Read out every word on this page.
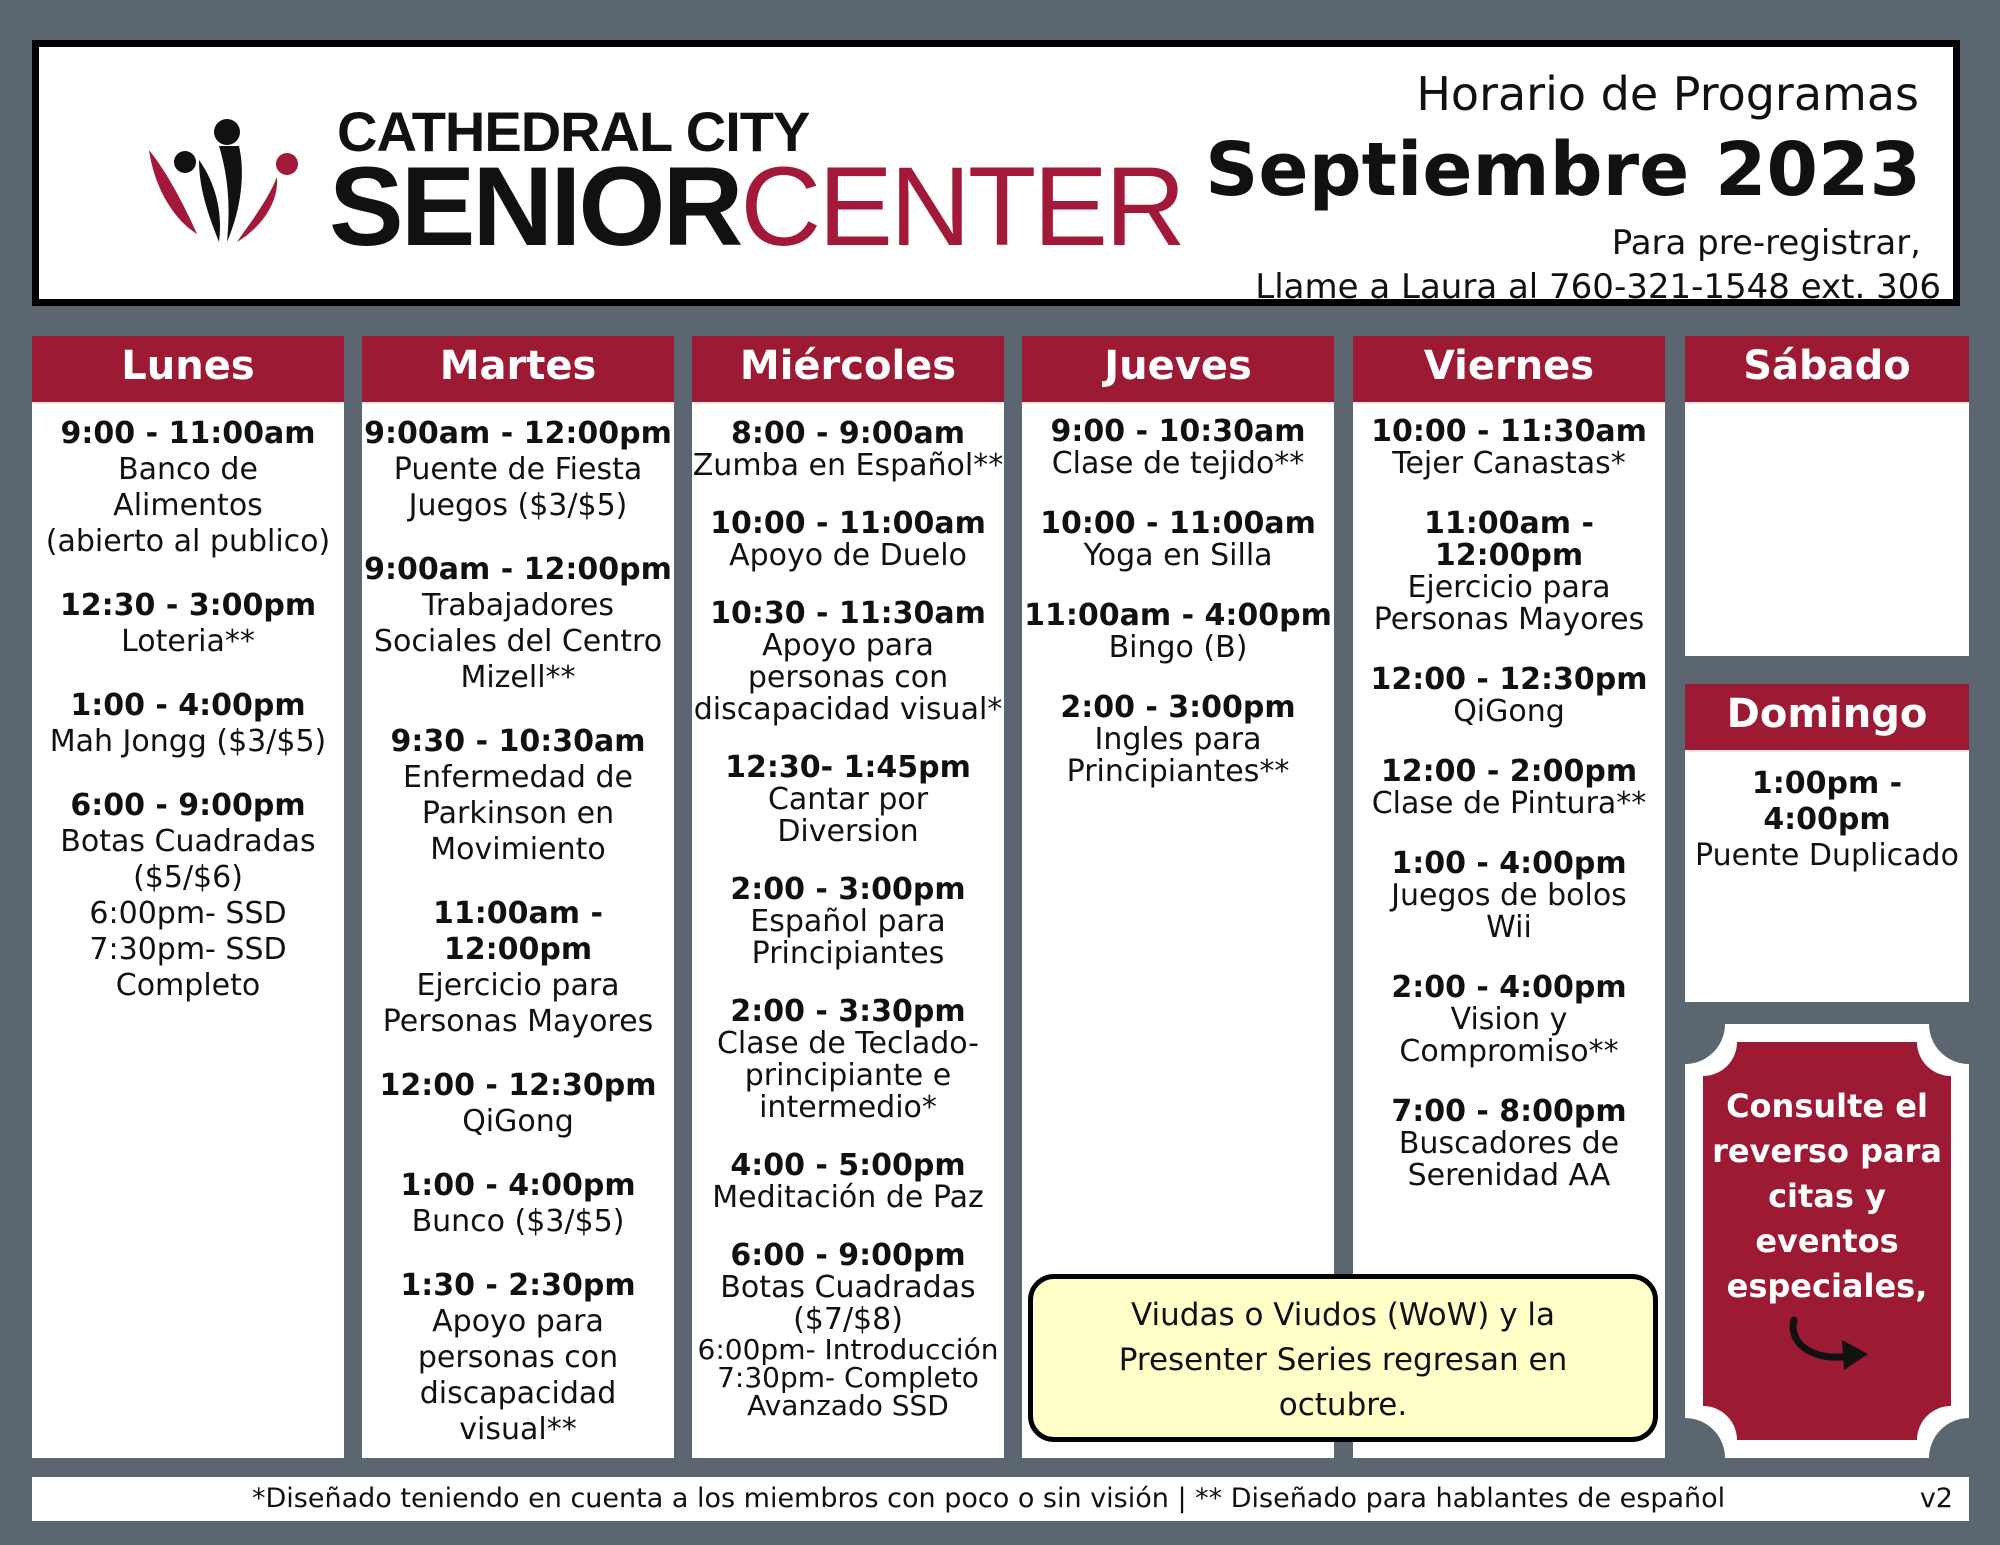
CATHEDRAL CITY
SENIORCENTER
Horario de Programas
Septiembre 2023
Para pre-registrar,
Llame a Laura al 760-321-1548 ext. 306
Lunes
9:00 - 11:00am
Banco de
Alimentos
(abierto al publico)
12:30 - 3:00pm
Loteria**
1:00 - 4:00pm
Mah Jongg ($3/$5)
6:00 - 9:00pm
Botas Cuadradas
($5/$6)
6:00pm- SSD
7:30pm- SSD
Completo
Martes
9:00am - 12:00pm
Puente de Fiesta
Juegos ($3/$5)
9:00am - 12:00pm
Trabajadores
Sociales del Centro
Mizell**
9:30 - 10:30am
Enfermedad de
Parkinson en
Movimiento
11:00am - 12:00pm
Ejercicio para
Personas Mayores
12:00 - 12:30pm
QiGong
1:00 - 4:00pm
Bunco ($3/$5)
1:30 - 2:30pm
Apoyo para
personas con
discapacidad
visual**
Miércoles
8:00 - 9:00am
Zumba en Español**
10:00 - 11:00am
Apoyo de Duelo
10:30 - 11:30am
Apoyo para
personas con
discapacidad visual*
12:30- 1:45pm
Cantar por
Diversion
2:00 - 3:00pm
Español para
Principiantes
2:00 - 3:30pm
Clase de Teclado-
principiante e
intermedio*
4:00 - 5:00pm
Meditación de Paz
6:00 - 9:00pm
Botas Cuadradas
($7/$8)
6:00pm- Introducción
7:30pm- Completo
Avanzado SSD
Jueves
9:00 - 10:30am
Clase de tejido**
10:00 - 11:00am
Yoga en Silla
11:00am - 4:00pm
Bingo (B)
2:00 - 3:00pm
Ingles para
Principiantes**
Viernes
10:00 - 11:30am
Tejer Canastas*
11:00am - 12:00pm
Ejercicio para
Personas Mayores
12:00 - 12:30pm
QiGong
12:00 - 2:00pm
Clase de Pintura**
1:00 - 4:00pm
Juegos de bolos
Wii
2:00 - 4:00pm
Vision y
Compromiso**
7:00 - 8:00pm
Buscadores de
Serenidad AA
Sábado
Domingo
1:00pm - 4:00pm
Puente Duplicado
Viudas o Viudos (WoW) y la
Presenter Series regresan en
octubre.
Consulte el
reverso para
citas y
eventos
especiales,
*Diseñado teniendo en cuenta a los miembros con poco o sin visión | ** Diseñado para hablantes de español	v2
